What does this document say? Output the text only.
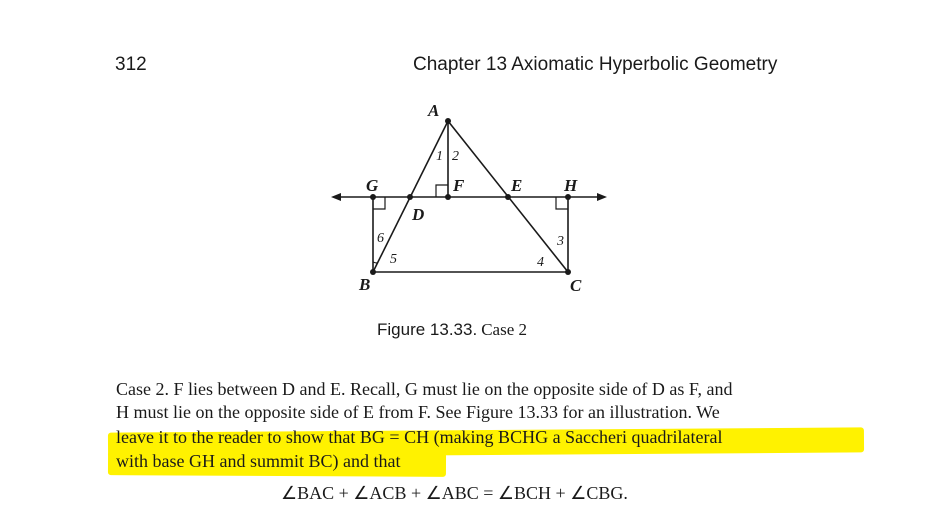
312	Chapter 13 Axiomatic Hyperbolic Geometry
A
B	C
D
E
F
G	H
1 2
3
4
5
6
Figure 13.33. Case 2
Case 2. F lies between D and E. Recall, G must lie on the opposite side of D as F, and
H must lie on the opposite side of E from F. See Figure 13.33 for an illustration. We
leave it to the reader to show that BG = CH (making BCHG a Saccheri quadrilateral
with base GH and summit BC) and that
∠BAC + ∠ACB + ∠ABC = ∠BCH + ∠CBG.
